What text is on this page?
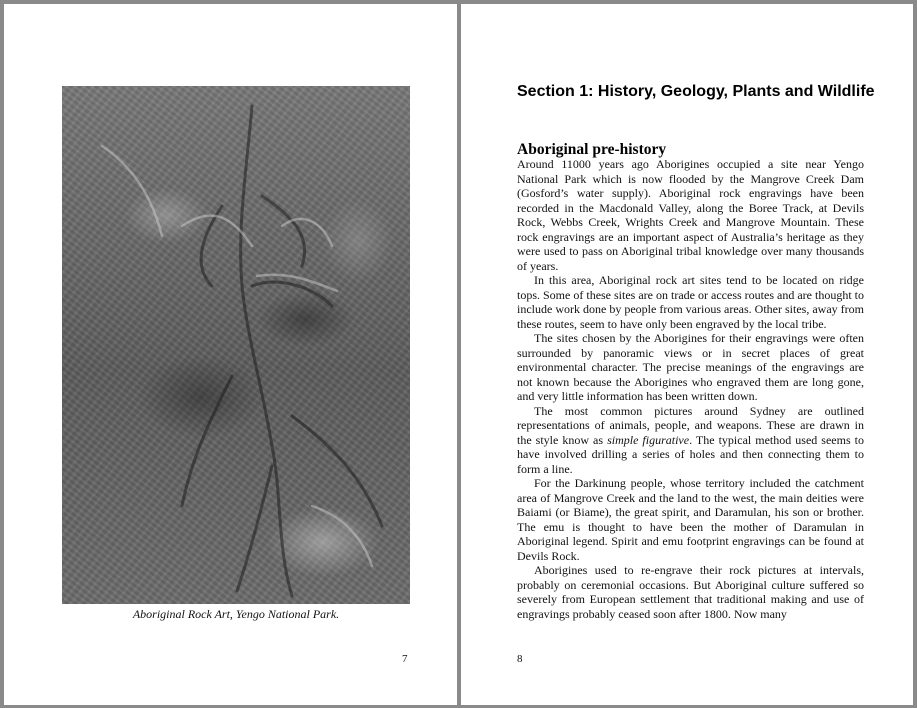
Aboriginal Rock Art, Yengo National Park.
7
Section 1: History, Geology, Plants and Wildlife
Aboriginal pre-history

Around 11000 years ago Aborigines occupied a site near Yengo National Park which is now flooded by the Mangrove Creek Dam (Gosford’s water supply). Aboriginal rock engravings have been recorded in the Macdonald Valley, along the Boree Track, at Devils Rock, Webbs Creek, Wrights Creek and Mangrove Mountain. These rock engravings are an important aspect of Australia’s heritage as they were used to pass on Aboriginal tribal knowledge over many thousands of years.

In this area, Aboriginal rock art sites tend to be located on ridge tops. Some of these sites are on trade or access routes and are thought to include work done by people from various areas. Other sites, away from these routes, seem to have only been engraved by the local tribe.

The sites chosen by the Aborigines for their engravings were often surrounded by panoramic views or in secret places of great environmental character. The precise meanings of the engravings are not known because the Aborigines who engraved them are long gone, and very little information has been written down.

The most common pictures around Sydney are outlined representations of animals, people, and weapons. These are drawn in the style know as simple figurative. The typical method used seems to have involved drilling a series of holes and then connecting them to form a line.

For the Darkinung people, whose territory included the catchment area of Mangrove Creek and the land to the west, the main deities were Baiami (or Biame), the great spirit, and Daramulan, his son or brother. The emu is thought to have been the mother of Daramulan in Aboriginal legend. Spirit and emu footprint engravings can be found at Devils Rock.

Aborigines used to re-engrave their rock pictures at intervals, probably on ceremonial occasions. But Aboriginal culture suffered so severely from European settlement that traditional making and use of engravings probably ceased soon after 1800. Now many

8
